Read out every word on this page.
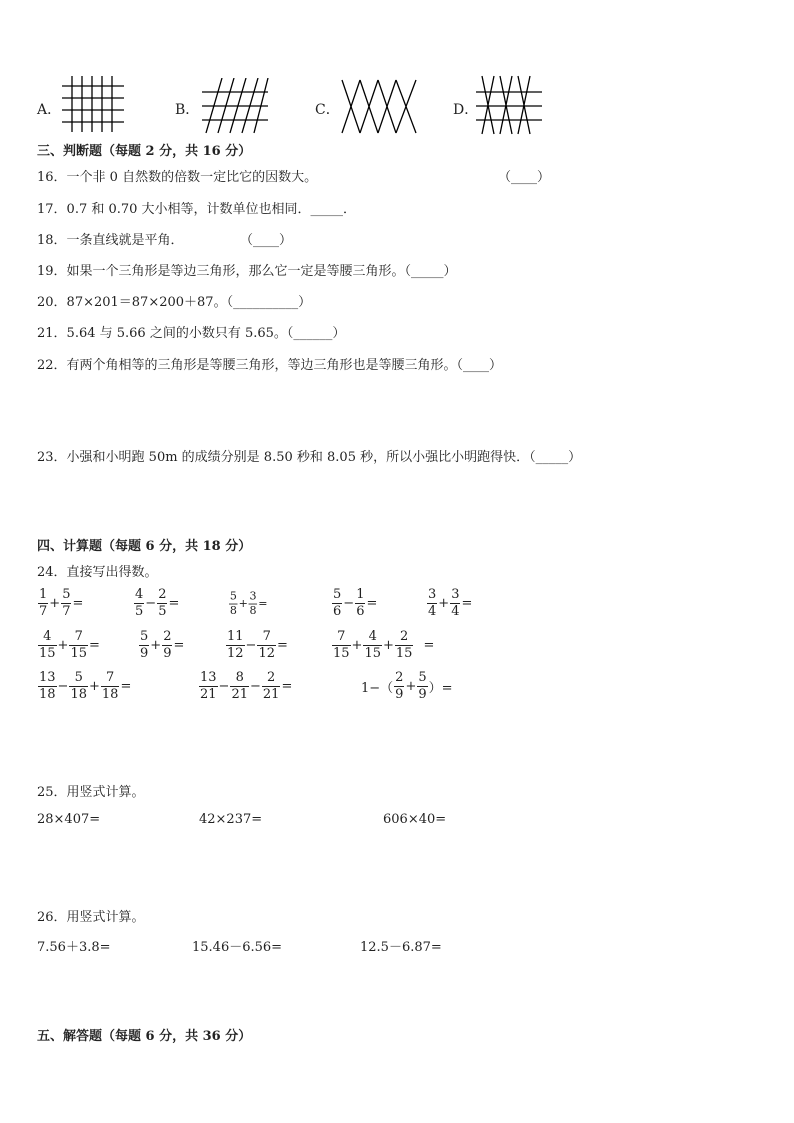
A．	B．	C．	D．
三、判断题（每题 2 分，共 16 分）
16．一个非 0 自然数的倍数一定比它的因数大。	（____）
17．0.7 和 0.70 大小相等，计数单位也相同．_____．
18．一条直线就是平角．	（____）
19．如果一个三角形是等边三角形，那么它一定是等腰三角形。（_____）
20．87×201＝87×200＋87。（__________）
21．5.64 与 5.66 之间的小数只有 5.65。（______）
22．有两个角相等的三角形是等腰三角形，等边三角形也是等腰三角形。（____）
23．小强和小明跑 50m 的成绩分别是 8.50 秒和 8.05 秒，所以小强比小明跑得快．（_____）
四、计算题（每题 6 分，共 18 分）
24．直接写出得数。
$\frac{1}{7} + \frac{5}{7}$ =	$\frac{4}{5} - \frac{2}{5}$ =	$\frac{5}{8} + \frac{3}{8}$ =	$\frac{5}{6} - \frac{1}{6}$ =	$\frac{3}{4} + \frac{3}{4}$ =
$\frac{4}{15} + \frac{7}{15}$ =	$\frac{5}{9} + \frac{2}{9}$ =	$\frac{11}{12} - \frac{7}{12}$ =	$\frac{7}{15} + \frac{4}{15} + \frac{2}{15}$ =
$\frac{13}{18} - \frac{5}{18} + \frac{7}{18}$ =	$\frac{13}{21} - \frac{8}{21} - \frac{2}{21}$ =	$1-( \frac{2}{9} + \frac{5}{9}$ ）=
25．用竖式计算。
28×407=	42×237=	606×40=
26．用竖式计算。
7.56＋3.8=	15.46－6.56=	12.5－6.87=
五、解答题（每题 6 分，共 36 分）
